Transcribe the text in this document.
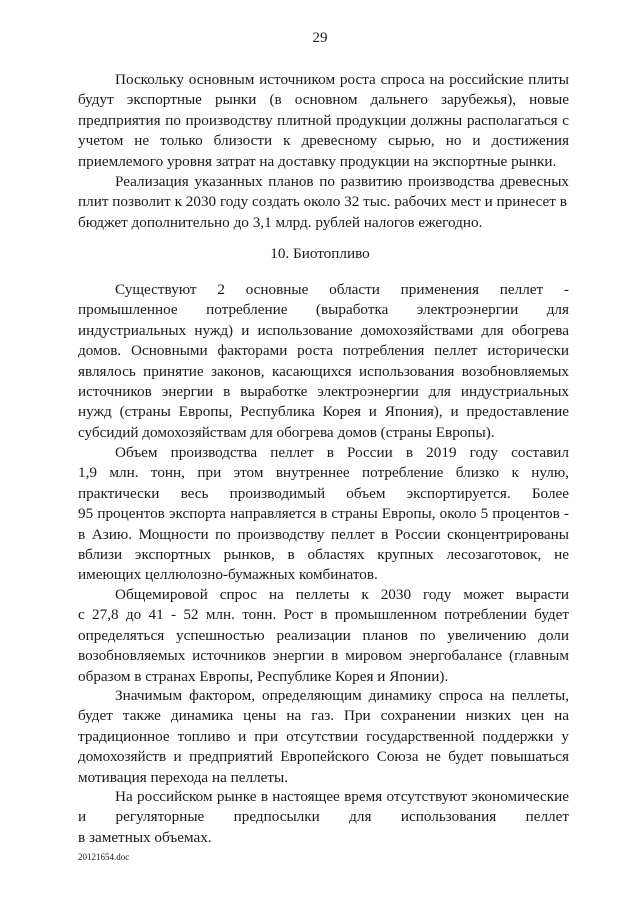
29
Поскольку основным источником роста спроса на российские плиты
будут экспортные рынки (в основном дальнего зарубежья), новые
предприятия по производству плитной продукции должны располагаться с
учетом не только близости к древесному сырью, но и достижения
приемлемого уровня затрат на доставку продукции на экспортные рынки.
Реализация указанных планов по развитию производства древесных
плит позволит к 2030 году создать около 32 тыс. рабочих мест и принесет в
бюджет дополнительно до 3,1 млрд. рублей налогов ежегодно.
10. Биотопливо
Существуют 2 основные области применения пеллет -
промышленное потребление (выработка электроэнергии для
индустриальных нужд) и использование домохозяйствами для обогрева
домов. Основными факторами роста потребления пеллет исторически
являлось принятие законов, касающихся использования возобновляемых
источников энергии в выработке электроэнергии для индустриальных
нужд (страны Европы, Республика Корея и Япония), и предоставление
субсидий домохозяйствам для обогрева домов (страны Европы).
Объем производства пеллет в России в 2019 году составил
1,9 млн. тонн, при этом внутреннее потребление близко к нулю,
практически весь производимый объем экспортируется. Более
95 процентов экспорта направляется в страны Европы, около 5 процентов -
в Азию. Мощности по производству пеллет в России сконцентрированы
вблизи экспортных рынков, в областях крупных лесозаготовок, не
имеющих целлюлозно-бумажных комбинатов.
Общемировой спрос на пеллеты к 2030 году может вырасти
с 27,8 до 41 - 52 млн. тонн. Рост в промышленном потреблении будет
определяться успешностью реализации планов по увеличению доли
возобновляемых источников энергии в мировом энергобалансе (главным
образом в странах Европы, Республике Корея и Японии).
Значимым фактором, определяющим динамику спроса на пеллеты,
будет также динамика цены на газ. При сохранении низких цен на
традиционное топливо и при отсутствии государственной поддержки у
домохозяйств и предприятий Европейского Союза не будет повышаться
мотивация перехода на пеллеты.
На российском рынке в настоящее время отсутствуют экономические
и регуляторные предпосылки для использования пеллет
в заметных объемах.
20121654.doc
